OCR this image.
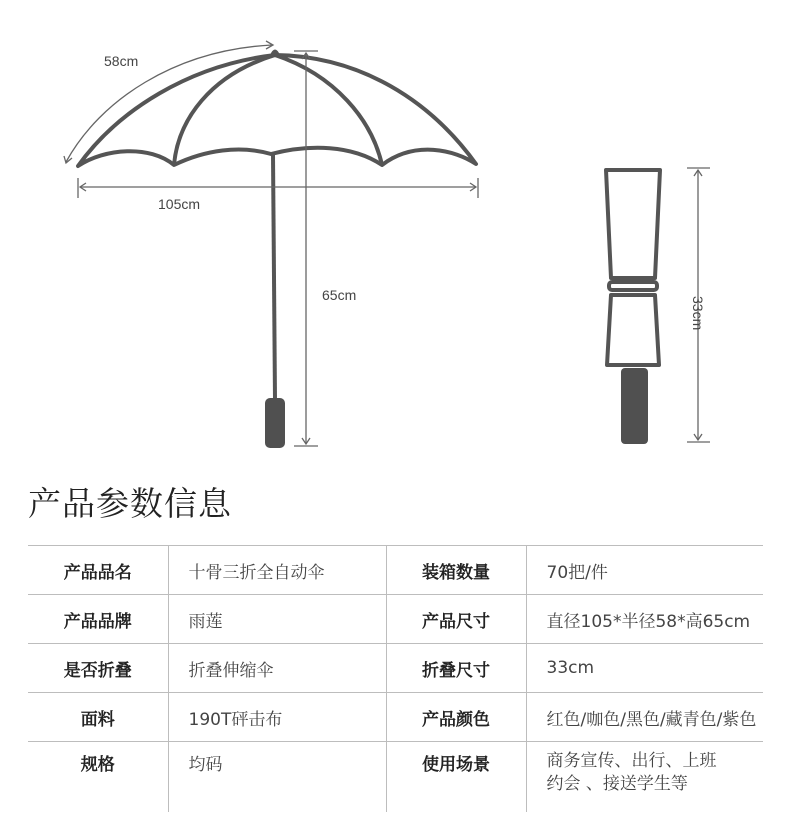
58cm
105cm
65cm
33cm
产品参数信息
产品品名	十骨三折全自动伞	装箱数量	70把/件
产品品牌	雨莲	产品尺寸	直径105*半径58*高65cm
是否折叠	折叠伸缩伞	折叠尺寸	33cm
面料	190T砰击布	产品颜色	红色/咖色/黑色/藏青色/紫色
规格	均码	使用场景	商务宣传、出行、上班
约会 、接送学生等
